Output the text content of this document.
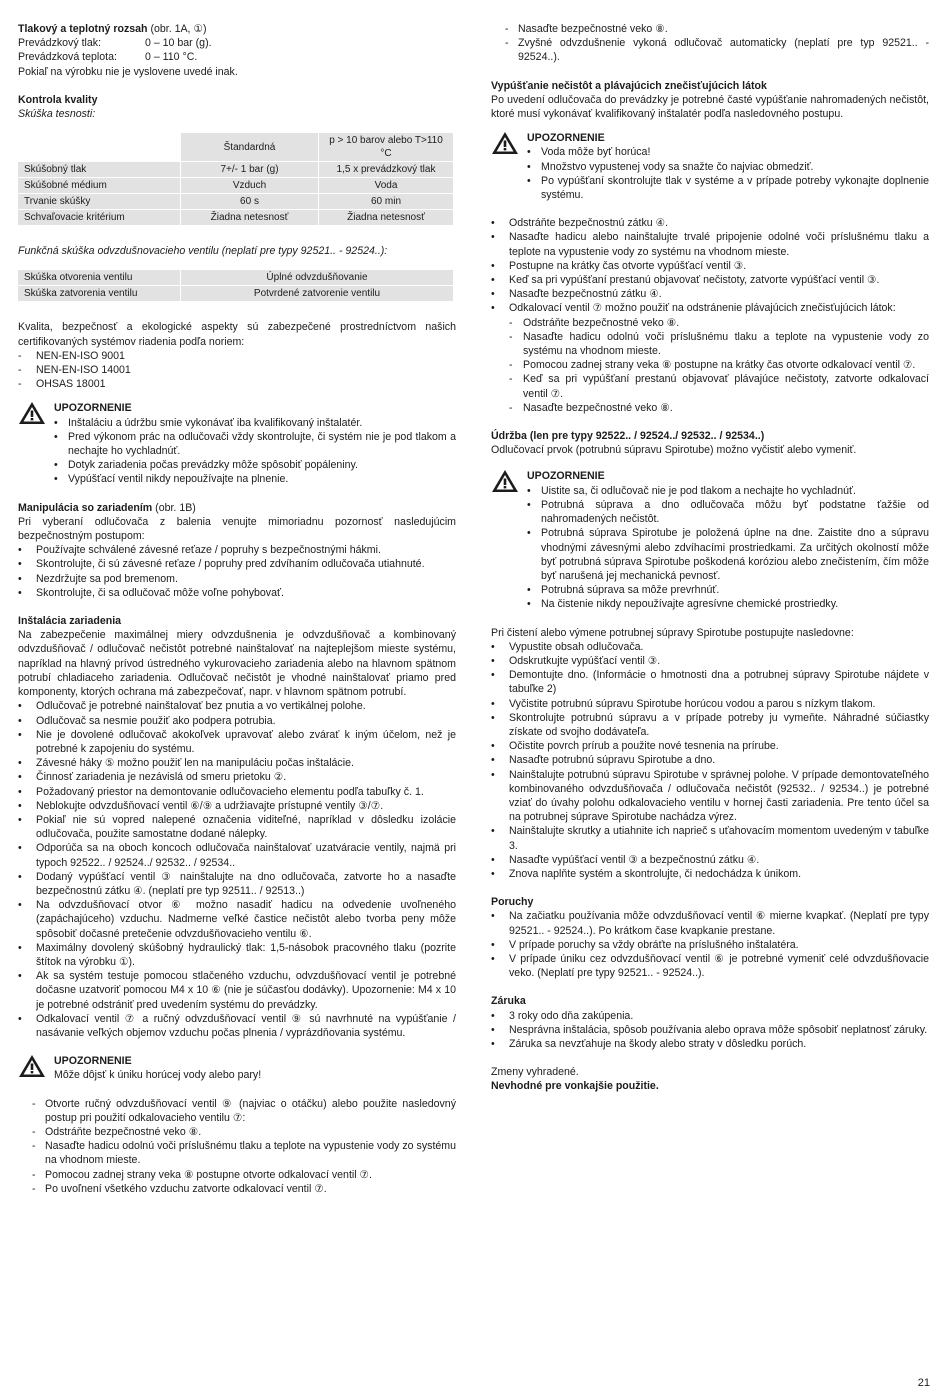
Tlakový a teplotný rozsah (obr. 1A, ①)

Prevádzkový tlak:	0 – 10 bar (g).
Prevádzková teplota:	0 – 110 °C.

Pokiaľ na výrobku nie je vyslovene uvedé inak.

Kontrola kvality

Skúška tesnosti:

	Štandardná	p > 10 barov alebo T>110 °C
Skúšobný tlak	7+/- 1 bar (g)	1,5 x prevádzkový tlak
Skúšobné médium	Vzduch	Voda
Trvanie skúšky	60 s	60 min
Schvaľovacie kritérium	Žiadna netesnosť	Žiadna netesnosť

Funkčná skúška odvzdušnovacieho ventilu (neplatí pre typy 92521.. - 92524..):

Skúška otvorenia ventilu	Úplné odvzdušňovanie
Skúška zatvorenia ventilu	Potvrdené zatvorenie ventilu

Kvalita, bezpečnosť a ekologické aspekty sú zabezpečené prostredníctvom našich certifikovaných systémov riadenia podľa noriem:

- NEN-EN-ISO 9001
- NEN-EN-ISO 14001
- OHSAS 18001

UPOZORNENIE

• Inštaláciu a údržbu smie vykonávať iba kvalifikovaný inštalatér.
• Pred výkonom prác na odlučovači vždy skontrolujte, či systém nie je pod tlakom a nechajte ho vychladnúť.
• Dotyk zariadenia počas prevádzky môže spôsobiť popáleniny.
• Vypúšťací ventil nikdy nepoužívajte na plnenie.

Manipulácia so zariadením (obr. 1B)

Pri vyberaní odlučovača z balenia venujte mimoriadnu pozornosť nasledujúcim bezpečnostným postupom:

• Používajte schválené závesné reťaze / popruhy s bezpečnostnými hákmi.
• Skontrolujte, či sú závesné reťaze / popruhy pred zdvíhaním odlučovača utiahnuté.
• Nezdržujte sa pod bremenom.
• Skontrolujte, či sa odlučovač môže voľne pohybovať.

Inštalácia zariadenia

Na zabezpečenie maximálnej miery odvzdušnenia je odvzdušňovač a kombinovaný odvzdušňovač / odlučovač nečistôt potrebné nainštalovať na najteplejšom mieste systému, napríklad na hlavný prívod ústredného vykurovacieho zariadenia alebo na hlavnom spätnom potrubí chladiaceho zariadenia. Odlučovač nečistôt je vhodné nainštalovať priamo pred komponenty, ktorých ochrana má zabezpečovať, napr. v hlavnom spätnom potrubí.

• Odlučovač je potrebné nainštalovať bez pnutia a vo vertikálnej polohe.
• Odlučovač sa nesmie použiť ako podpera potrubia.
• Nie je dovolené odlučovač akokoľvek upravovať alebo zvárať k iným účelom, než je potrebné k zapojeniu do systému.
• Závesné háky ⑤ možno použiť len na manipuláciu počas inštalácie.
• Činnosť zariadenia je nezávislá od smeru prietoku ②.
• Požadovaný priestor na demontovanie odlučovacieho elementu podľa tabuľky č. 1.
• Neblokujte odvzdušňovací ventil ⑥/⑨ a udržiavajte prístupné ventily ③/⑦.
• Pokiaľ nie sú vopred nalepené označenia viditeľné, napríklad v dôsledku izolácie odlučovača, použite samostatne dodané nálepky.
• Odporúča sa na oboch koncoch odlučovača nainštalovať uzatváracie ventily, najmä pri typoch 92522.. / 92524../ 92532.. / 92534..
• Dodaný vypúšťací ventil ③ nainštalujte na dno odlučovača, zatvorte ho a nasaďte bezpečnostnú zátku ④. (neplatí pre typ 92511.. / 92513..)
• Na odvzdušňovací otvor ⑥ možno nasadiť hadicu na odvedenie uvoľneného (zapáchajúceho) vzduchu. Nadmerne veľké častice nečistôt alebo tvorba peny môže spôsobiť dočasné pretečenie odvzdušňovacieho ventilu ⑥.
• Maximálny dovolený skúšobný hydraulický tlak: 1,5-násobok pracovného tlaku (pozrite štítok na výrobku ①).
• Ak sa systém testuje pomocou stlačeného vzduchu, odvzdušňovací ventil je potrebné dočasne uzatvoriť pomocou M4 x 10 ⑥ (nie je súčasťou dodávky). Upozornenie: M4 x 10 je potrebné odstrániť pred uvedením systému do prevádzky.
• Odkalovací ventil ⑦ a ručný odvzdušňovací ventil ⑨ sú navrhnuté na vypúšťanie / nasávanie veľkých objemov vzduchu počas plnenia / vyprázdňovania systému.

UPOZORNENIE

Môže dôjsť k úniku horúcej vody alebo pary!

- Otvorte ručný odvzdušňovací ventil ⑨ (najviac o otáčku) alebo použite nasledovný postup pri použití odkalovacieho ventilu ⑦:
- Odstráňte bezpečnostné veko ⑧.
- Nasaďte hadicu odolnú voči príslušnému tlaku a teplote na vypustenie vody zo systému na vhodnom mieste.
- Pomocou zadnej strany veka ⑧ postupne otvorte odkalovací ventil ⑦.
- Po uvoľnení všetkého vzduchu zatvorte odkalovací ventil ⑦.
- Nasaďte bezpečnostné veko ⑧.
- Zvyšné odvzdušnenie vykoná odlučovač automaticky (neplatí pre typ 92521.. - 92524..).

Vypúšťanie nečistôt a plávajúcich znečisťujúcich látok

Po uvedení odlučovača do prevádzky je potrebné časté vypúšťanie nahromadených nečistôt, ktoré musí vykonávať kvalifikovaný inštalatér podľa nasledovného postupu.

UPOZORNENIE

• Voda môže byť horúca!
• Množstvo vypustenej vody sa snažte čo najviac obmedziť.
• Po vypúšťaní skontrolujte tlak v systéme a v prípade potreby vykonajte doplnenie systému.
• Odstráňte bezpečnostnú zátku ④.
• Nasaďte hadicu alebo nainštalujte trvalé pripojenie odolné voči príslušnému tlaku a teplote na vypustenie vody zo systému na vhodnom mieste.
• Postupne na krátky čas otvorte vypúšťací ventil ③.
• Keď sa pri vypúšťaní prestanú objavovať nečistoty, zatvorte vypúšťací ventil ③.
• Nasaďte bezpečnostnú zátku ④.
• Odkalovací ventil ⑦ možno použiť na odstránenie plávajúcich znečisťujúcich látok:
- Odstráňte bezpečnostné veko ⑧.
- Nasaďte hadicu odolnú voči príslušnému tlaku a teplote na vypustenie vody zo systému na vhodnom mieste.
- Pomocou zadnej strany veka ⑧ postupne na krátky čas otvorte odkalovací ventil ⑦.
- Keď sa pri vypúšťaní prestanú objavovať plávajúce nečistoty, zatvorte odkalovací ventil ⑦.
- Nasaďte bezpečnostné veko ⑧.

Údržba (len pre typy 92522.. / 92524../ 92532.. / 92534..)

Odlučovací prvok (potrubnú súpravu Spirotube) možno vyčistiť alebo vymeniť.

UPOZORNENIE

• Uistite sa, či odlučovač nie je pod tlakom a nechajte ho vychladnúť.
• Potrubná súprava a dno odlučovača môžu byť podstatne ťažšie od nahromadených nečistôt.
• Potrubná súprava Spirotube je položená úplne na dne. Zaistite dno a súpravu vhodnými závesnými alebo zdvíhacími prostriedkami. Za určitých okolností môže byť potrubná súprava Spirotube poškodená koróziou alebo znečistením, čím môže byť narušená jej mechanická pevnosť.
• Potrubná súprava sa môže prevrhnúť.
• Na čistenie nikdy nepoužívajte agresívne chemické prostriedky.

Pri čistení alebo výmene potrubnej súpravy Spirotube postupujte nasledovne:

• Vypustite obsah odlučovača.
• Odskrutkujte vypúšťací ventil ③.
• Demontujte dno. (Informácie o hmotnosti dna a potrubnej súpravy Spirotube nájdete v tabuľke 2)
• Vyčistite potrubnú súpravu Spirotube horúcou vodou a parou s nízkym tlakom.
• Skontrolujte potrubnú súpravu a v prípade potreby ju vymeňte. Náhradné súčiastky získate od svojho dodávateľa.
• Očistite povrch prírub a použite nové tesnenia na prírube.
• Nasaďte potrubnú súpravu Spirotube a dno.
• Nainštalujte potrubnú súpravu Spirotube v správnej polohe. V prípade demontovateľného kombinovaného odvzdušňovača / odlučovača nečistôt (92532.. / 92534..) je potrebné vziať do úvahy polohu odkalovacieho ventilu v hornej časti zariadenia. Pre tento účel sa na potrubnej súprave Spirotube nachádza výrez.
• Nainštalujte skrutky a utiahnite ich naprieč s uťahovacím momentom uvedeným v tabuľke 3.
• Nasaďte vypúšťací ventil ③ a bezpečnostnú zátku ④.
• Znova naplňte systém a skontrolujte, či nedochádza k únikom.

Poruchy

• Na začiatku používania môže odvzdušňovací ventil ⑥ mierne kvapkať. (Neplatí pre typy 92521.. - 92524..). Po krátkom čase kvapkanie prestane.
• V prípade poruchy sa vždy obráťte na príslušného inštalatéra.
• V prípade úniku cez odvzdušňovací ventil ⑥ je potrebné vymeniť celé odvzdušňovacie veko. (Neplatí pre typy 92521.. - 92524..).

Záruka

• 3 roky odo dňa zakúpenia.
• Nesprávna inštalácia, spôsob používania alebo oprava môže spôsobiť neplatnosť záruky.
• Záruka sa nevzťahuje na škody alebo straty v dôsledku porúch.

Zmeny vyhradené.

Nevhodné pre vonkajšie použitie.

21
